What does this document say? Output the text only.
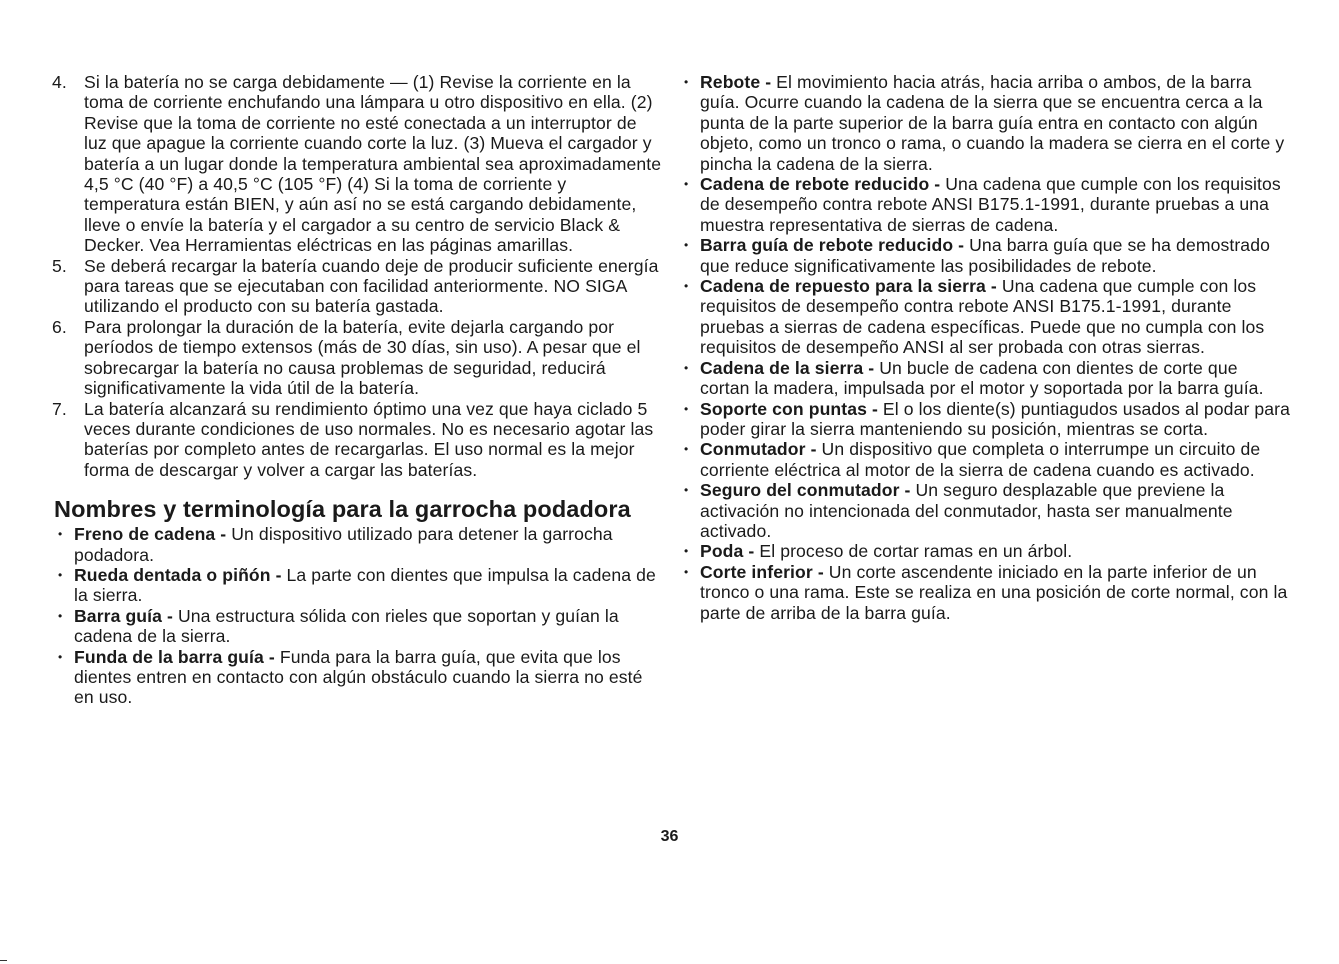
4. Si la batería no se carga debidamente — (1) Revise la corriente en la toma de corriente enchufando una lámpara u otro dispositivo en ella. (2) Revise que la toma de corriente no esté conectada a un interruptor de luz que apague la corriente cuando corte la luz. (3) Mueva el cargador y batería a un lugar donde la temperatura ambiental sea aproximadamente 4,5 °C (40 °F) a 40,5 °C (105 °F) (4) Si la toma de corriente y temperatura están BIEN, y aún así no se está cargando debidamente, lleve o envíe la batería y el cargador a su centro de servicio Black & Decker. Vea Herramientas eléctricas en las páginas amarillas.
5. Se deberá recargar la batería cuando deje de producir suficiente energía para tareas que se ejecutaban con facilidad anteriormente. NO SIGA utilizando el producto con su batería gastada.
6. Para prolongar la duración de la batería, evite dejarla cargando por períodos de tiempo extensos (más de 30 días, sin uso). A pesar que el sobrecargar la batería no causa problemas de seguridad, reducirá significativamente la vida útil de la batería.
7. La batería alcanzará su rendimiento óptimo una vez que haya ciclado 5 veces durante condiciones de uso normales. No es necesario agotar las baterías por completo antes de recargarlas. El uso normal es la mejor forma de descargar y volver a cargar las baterías.
Nombres y terminología para la garrocha podadora
• Freno de cadena - Un dispositivo utilizado para detener la garrocha podadora.
• Rueda dentada o piñón - La parte con dientes que impulsa la cadena de la sierra.
• Barra guía - Una estructura sólida con rieles que soportan y guían la cadena de la sierra.
• Funda de la barra guía - Funda para la barra guía, que evita que los dientes entren en contacto con algún obstáculo cuando la sierra no esté en uso.
• Rebote - El movimiento hacia atrás, hacia arriba o ambos, de la barra guía. Ocurre cuando la cadena de la sierra que se encuentra cerca a la punta de la parte superior de la barra guía entra en contacto con algún objeto, como un tronco o rama, o cuando la madera se cierra en el corte y pincha la cadena de la sierra.
• Cadena de rebote reducido - Una cadena que cumple con los requisitos de desempeño contra rebote ANSI B175.1-1991, durante pruebas a una muestra representativa de sierras de cadena.
• Barra guía de rebote reducido - Una barra guía que se ha demostrado que reduce significativamente las posibilidades de rebote.
• Cadena de repuesto para la sierra - Una cadena que cumple con los requisitos de desempeño contra rebote ANSI B175.1-1991, durante pruebas a sierras de cadena específicas. Puede que no cumpla con los requisitos de desempeño ANSI al ser probada con otras sierras.
• Cadena de la sierra - Un bucle de cadena con dientes de corte que cortan la madera, impulsada por el motor y soportada por la barra guía.
• Soporte con puntas - El o los diente(s) puntiagudos usados al podar para poder girar la sierra manteniendo su posición, mientras se corta.
• Conmutador - Un dispositivo que completa o interrumpe un circuito de corriente eléctrica al motor de la sierra de cadena cuando es activado.
• Seguro del conmutador - Un seguro desplazable que previene la activación no intencionada del conmutador, hasta ser manualmente activado.
• Poda - El proceso de cortar ramas en un árbol.
• Corte inferior - Un corte ascendente iniciado en la parte inferior de un tronco o una rama. Este se realiza en una posición de corte normal, con la parte de arriba de la barra guía.
36
